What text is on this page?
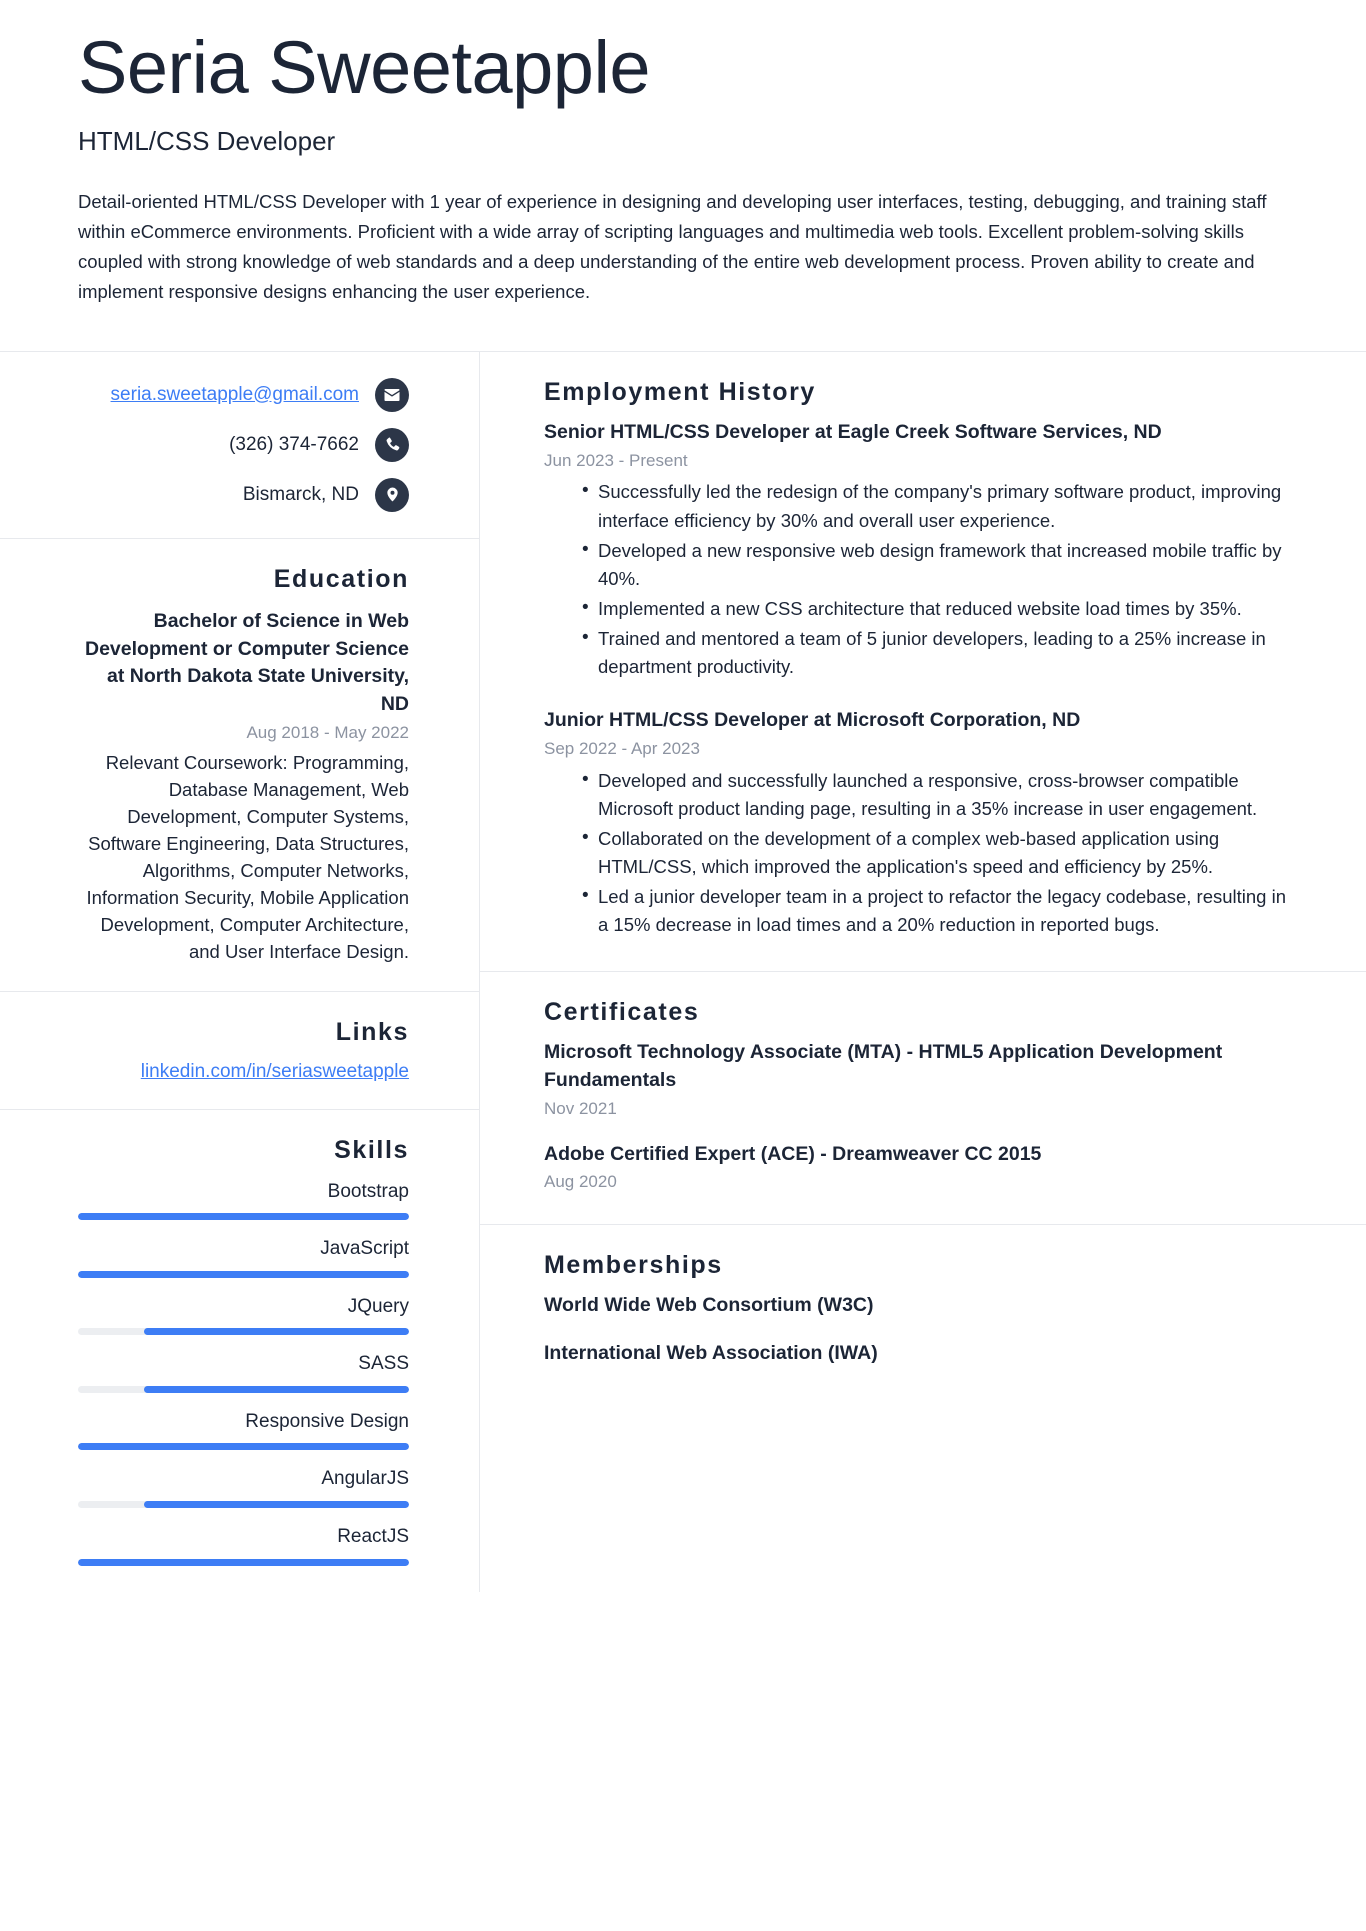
Seria Sweetapple
HTML/CSS Developer

Detail-oriented HTML/CSS Developer with 1 year of experience in designing and developing user interfaces, testing, debugging, and training staff within eCommerce environments. Proficient with a wide array of scripting languages and multimedia web tools. Excellent problem-solving skills coupled with strong knowledge of web standards and a deep understanding of the entire web development process. Proven ability to create and implement responsive designs enhancing the user experience.

seria.sweetapple@gmail.com
(326) 374-7662
Bismarck, ND
Education
Bachelor of Science in Web Development or Computer Science at North Dakota State University, ND
Aug 2018 - May 2022
Relevant Coursework: Programming, Database Management, Web Development, Computer Systems, Software Engineering, Data Structures, Algorithms, Computer Networks, Information Security, Mobile Application Development, Computer Architecture, and User Interface Design.
Links
linkedin.com/in/seriasweetapple
Skills
Bootstrap
JavaScript
JQuery
SASS
Responsive Design
AngularJS
ReactJS
Employment History
Senior HTML/CSS Developer at Eagle Creek Software Services, ND
Jun 2023 - Present
• Successfully led the redesign of the company's primary software product, improving interface efficiency by 30% and overall user experience.
• Developed a new responsive web design framework that increased mobile traffic by 40%.
• Implemented a new CSS architecture that reduced website load times by 35%.
• Trained and mentored a team of 5 junior developers, leading to a 25% increase in department productivity.
Junior HTML/CSS Developer at Microsoft Corporation, ND
Sep 2022 - Apr 2023
• Developed and successfully launched a responsive, cross-browser compatible Microsoft product landing page, resulting in a 35% increase in user engagement.
• Collaborated on the development of a complex web-based application using HTML/CSS, which improved the application's speed and efficiency by 25%.
• Led a junior developer team in a project to refactor the legacy codebase, resulting in a 15% decrease in load times and a 20% reduction in reported bugs.
Certificates
Microsoft Technology Associate (MTA) - HTML5 Application Development Fundamentals
Nov 2021
Adobe Certified Expert (ACE) - Dreamweaver CC 2015
Aug 2020
Memberships
World Wide Web Consortium (W3C)
International Web Association (IWA)
